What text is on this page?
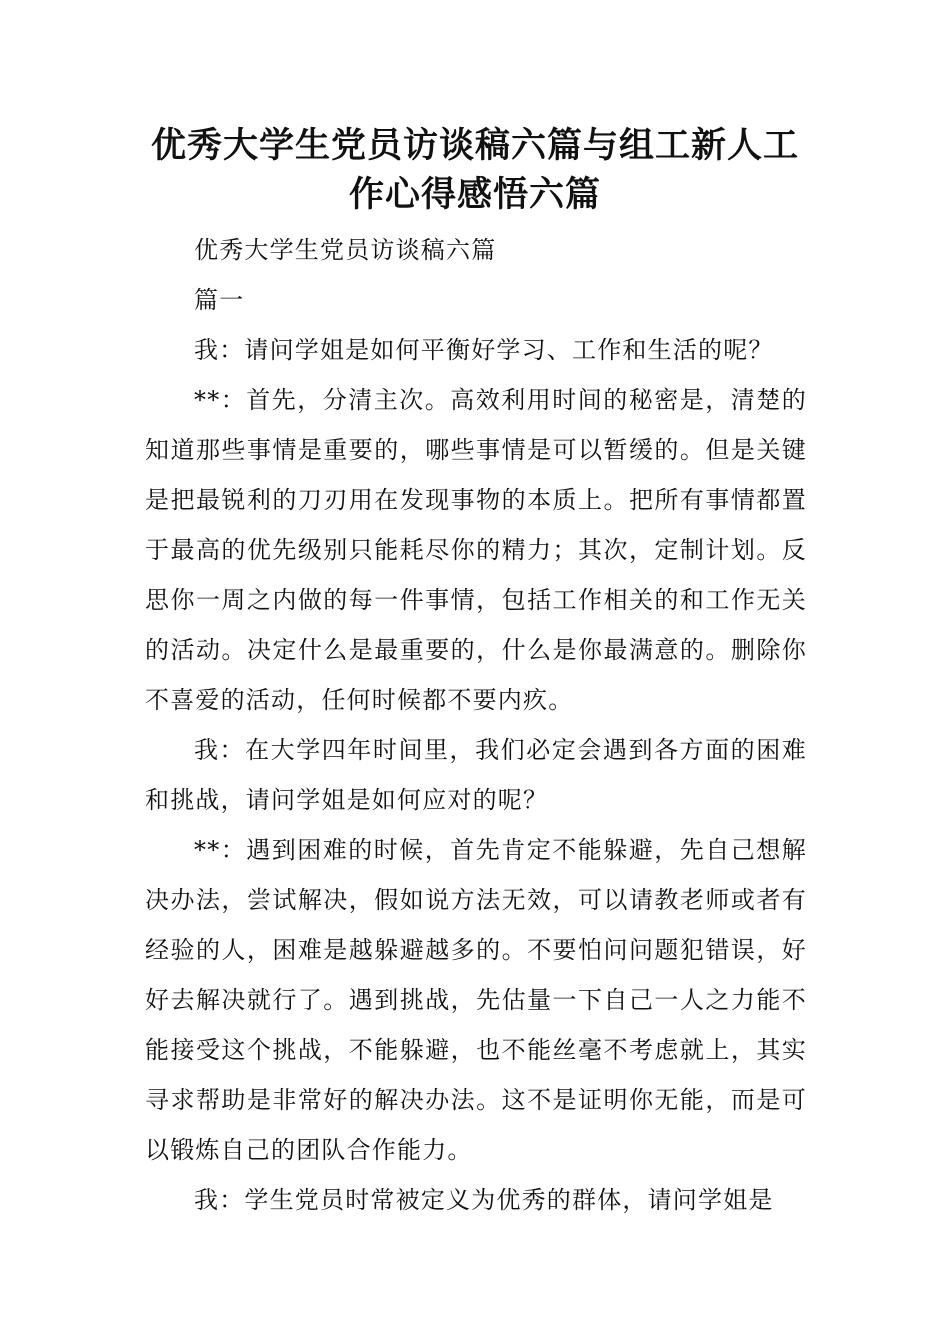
优秀大学生党员访谈稿六篇与组工新人工作心得感悟六篇

优秀大学生党员访谈稿六篇

篇一

我：请问学姐是如何平衡好学习、工作和生活的呢？

**：首先，分清主次。高效利用时间的秘密是，清楚的知道那些事情是重要的，哪些事情是可以暂缓的。但是关键是把最锐利的刀刃用在发现事物的本质上。把所有事情都置于最高的优先级别只能耗尽你的精力；其次，定制计划。反思你一周之内做的每一件事情，包括工作相关的和工作无关的活动。决定什么是最重要的，什么是你最满意的。删除你不喜爱的活动，任何时候都不要内疚。

我：在大学四年时间里，我们必定会遇到各方面的困难和挑战，请问学姐是如何应对的呢？

**：遇到困难的时候，首先肯定不能躲避，先自己想解决办法，尝试解决，假如说方法无效，可以请教老师或者有经验的人，困难是越躲避越多的。不要怕问问题犯错误，好好去解决就行了。遇到挑战，先估量一下自己一人之力能不能接受这个挑战，不能躲避，也不能丝毫不考虑就上，其实寻求帮助是非常好的解决办法。这不是证明你无能，而是可以锻炼自己的团队合作能力。

我：学生党员时常被定义为优秀的群体，请问学姐是
